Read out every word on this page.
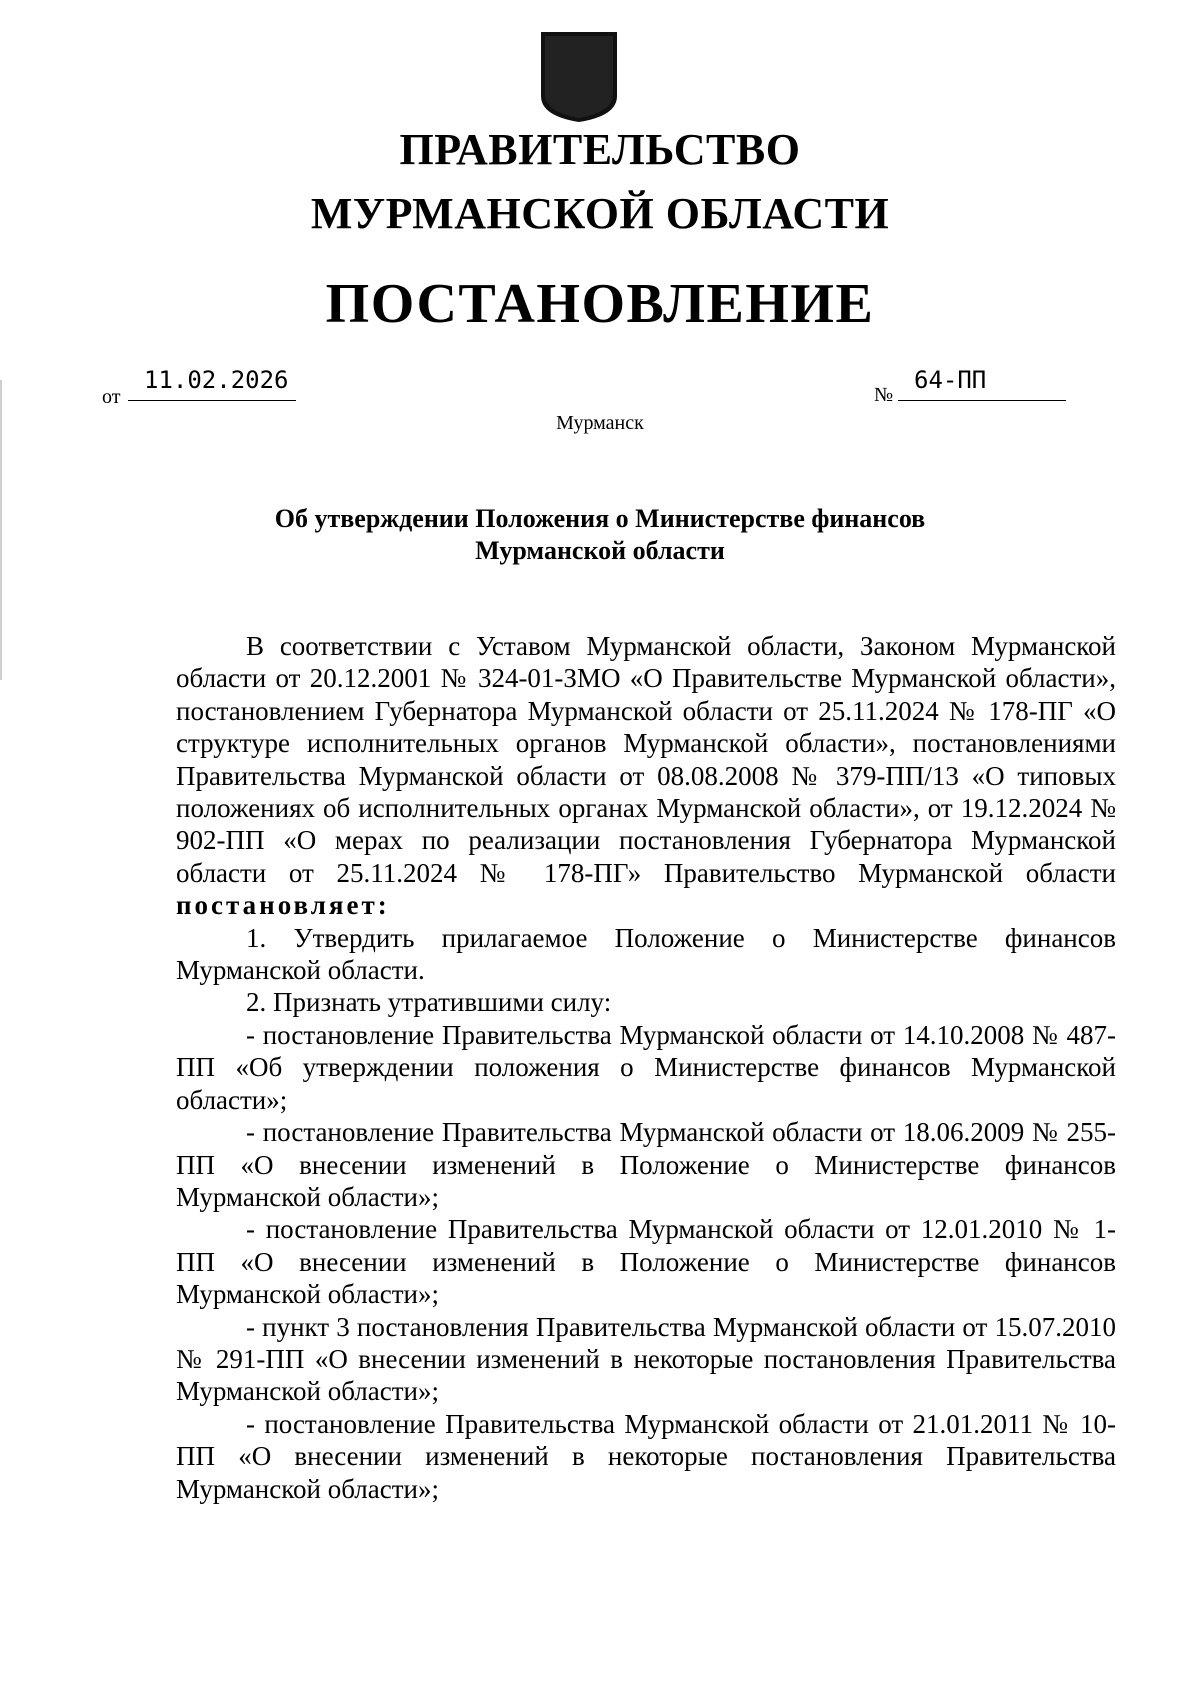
ПРАВИТЕЛЬСТВО
МУРМАНСКОЙ ОБЛАСТИ
ПОСТАНОВЛЕНИЕ
от
11.02.2026
№
64-ПП
Мурманск
Об утверждении Положения о Министерстве финансов
Мурманской области

В соответствии с Уставом Мурманской области, Законом Мурманской области от 20.12.2001 № 324-01-ЗМО «О Правительстве Мурманской области», постановлением Губернатора Мурманской области от 25.11.2024 № 178-ПГ «О структуре исполнительных органов Мурманской области», постановлениями Правительства Мурманской области от 08.08.2008 № 379-ПП/13 «О типовых положениях об исполнительных органах Мурманской области», от 19.12.2024 № 902-ПП «О мерах по реализации постановления Губернатора Мурманской области от 25.11.2024 № 178-ПГ» Правительство Мурманской области постановляет:

1. Утвердить прилагаемое Положение о Министерстве финансов Мурманской области.

2. Признать утратившими силу:

- постановление Правительства Мурманской области от 14.10.2008 № 487-ПП «Об утверждении положения о Министерстве финансов Мурманской области»;

- постановление Правительства Мурманской области от 18.06.2009 № 255-ПП «О внесении изменений в Положение о Министерстве финансов Мурманской области»;

- постановление Правительства Мурманской области от 12.01.2010 № 1-ПП «О внесении изменений в Положение о Министерстве финансов Мурманской области»;

- пункт 3 постановления Правительства Мурманской области от 15.07.2010 № 291-ПП «О внесении изменений в некоторые постановления Правительства Мурманской области»;

- постановление Правительства Мурманской области от 21.01.2011 № 10-ПП «О внесении изменений в некоторые постановления Правительства Мурманской области»;
